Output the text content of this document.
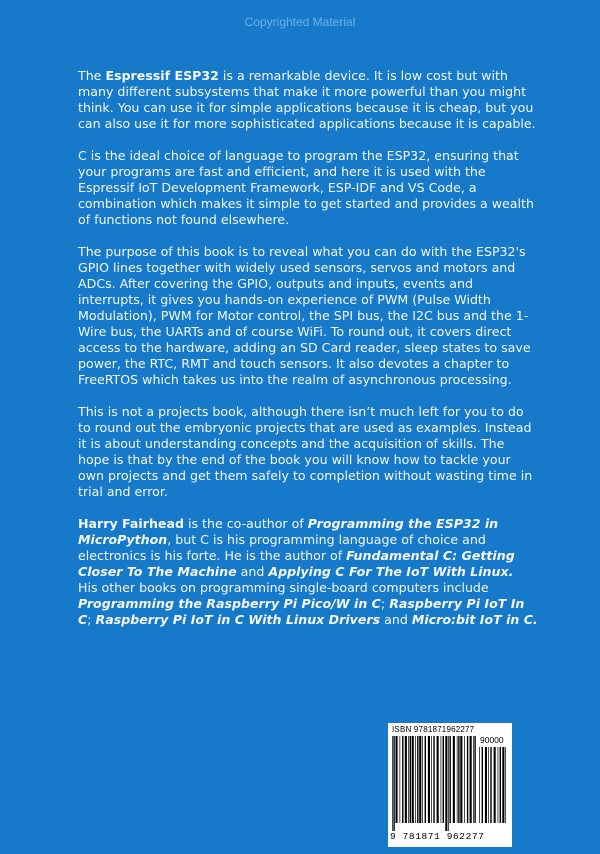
Copyrighted Material

The Espressif ESP32 is a remarkable device. It is low cost but with many different subsystems that make it more powerful than you might think. You can use it for simple applications because it is cheap, but you can also use it for more sophisticated applications because it is capable.

C is the ideal choice of language to program the ESP32, ensuring that your programs are fast and efficient, and here it is used with the Espressif IoT Development Framework, ESP-IDF and VS Code, a combination which makes it simple to get started and provides a wealth of functions not found elsewhere.

The purpose of this book is to reveal what you can do with the ESP32's GPIO lines together with widely used sensors, servos and motors and ADCs. After covering the GPIO, outputs and inputs, events and interrupts, it gives you hands-on experience of PWM (Pulse Width Modulation), PWM for Motor control, the SPI bus, the I2C bus and the 1-Wire bus, the UARTs and of course WiFi. To round out, it covers direct access to the hardware, adding an SD Card reader, sleep states to save power, the RTC, RMT and touch sensors. It also devotes a chapter to FreeRTOS which takes us into the realm of asynchronous processing.

This is not a projects book, although there isn’t much left for you to do to round out the embryonic projects that are used as examples. Instead it is about understanding concepts and the acquisition of skills. The hope is that by the end of the book you will know how to tackle your own projects and get them safely to completion without wasting time in trial and error.

Harry Fairhead is the co-author of Programming the ESP32 in MicroPython, but C is his programming language of choice and electronics is his forte. He is the author of Fundamental C: Getting Closer To The Machine and Applying C For The IoT With Linux.
His other books on programming single-board computers include Programming the Raspberry Pi Pico/W in C; Raspberry Pi IoT In C; Raspberry Pi IoT in C With Linux Drivers and Micro:bit IoT in C.

ISBN 9781871962277
90000
9 781871 962277
